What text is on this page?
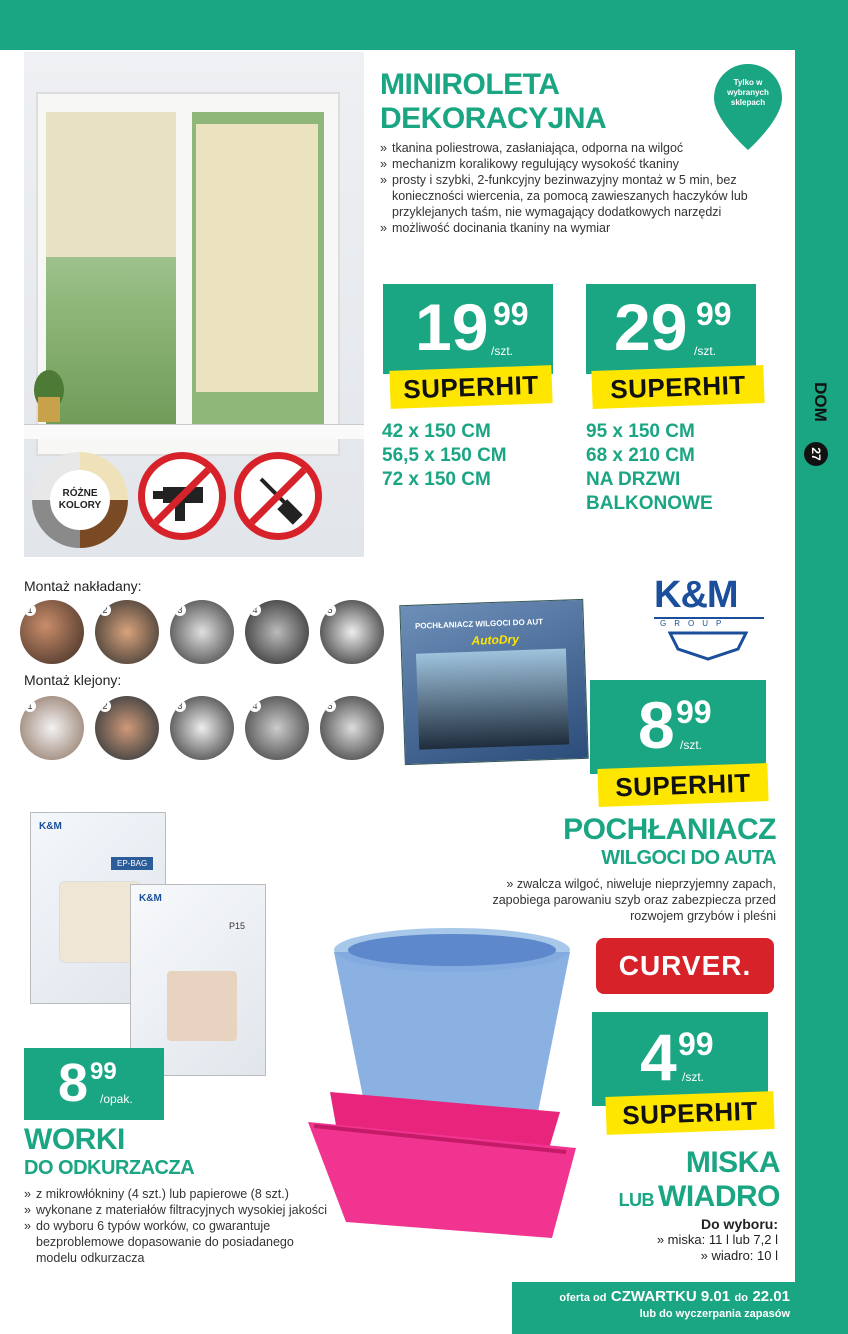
DOM
27
RÓŻNE KOLORY
MINIROLETA
DEKORACYJNA
Tylko w wybranych sklepach
» tkanina poliestrowa, zasłaniająca, odporna na wilgoć
» mechanizm koralikowy regulujący wysokość tkaniny
» prosty i szybki, 2-funkcyjny bezinwazyjny montaż w 5 min, bez konieczności wiercenia, za pomocą zawieszanych haczyków lub przyklejanych taśm, nie wymagający dodatkowych narzędzi
» możliwość docinania tkaniny na wymiar
19 99
/szt.
SUPERHIT
29 99
/szt.
SUPERHIT
42 x 150 CM
56,5 x 150 CM
72 x 150 CM
95 x 150 CM
68 x 210 CM
NA DRZWI
BALKONOWE
Montaż nakładany:
1	2	3	4	5
Montaż klejony:
1	2	3	4	5
K&M
GROUP
POCHŁANIACZ WILGOCI DO AUT
AutoDry
8 99
/szt.
SUPERHIT
POCHŁANIACZ
WILGOCI DO AUTA
» zwalcza wilgoć, niweluje nieprzyjemny zapach, zapobiega parowaniu szyb oraz zabezpiecza przed rozwojem grzybów i pleśni
CURVER.
K&M
EP-BAG
K&M
P15
8 99
/opak.
WORKI
DO ODKURZACZA
» z mikrowłókniny (4 szt.) lub papierowe (8 szt.)
» wykonane z materiałów filtracyjnych wysokiej jakości
» do wyboru 6 typów worków, co gwarantuje bezproblemowe dopasowanie do posiadanego modelu odkurzacza
4 99
/szt.
SUPERHIT
MISKA
LUB WIADRO
Do wyboru:
» miska: 11 l lub 7,2 l
» wiadro: 10 l
oferta od CZWARTKU 9.01 do 22.01
lub do wyczerpania zapasów
